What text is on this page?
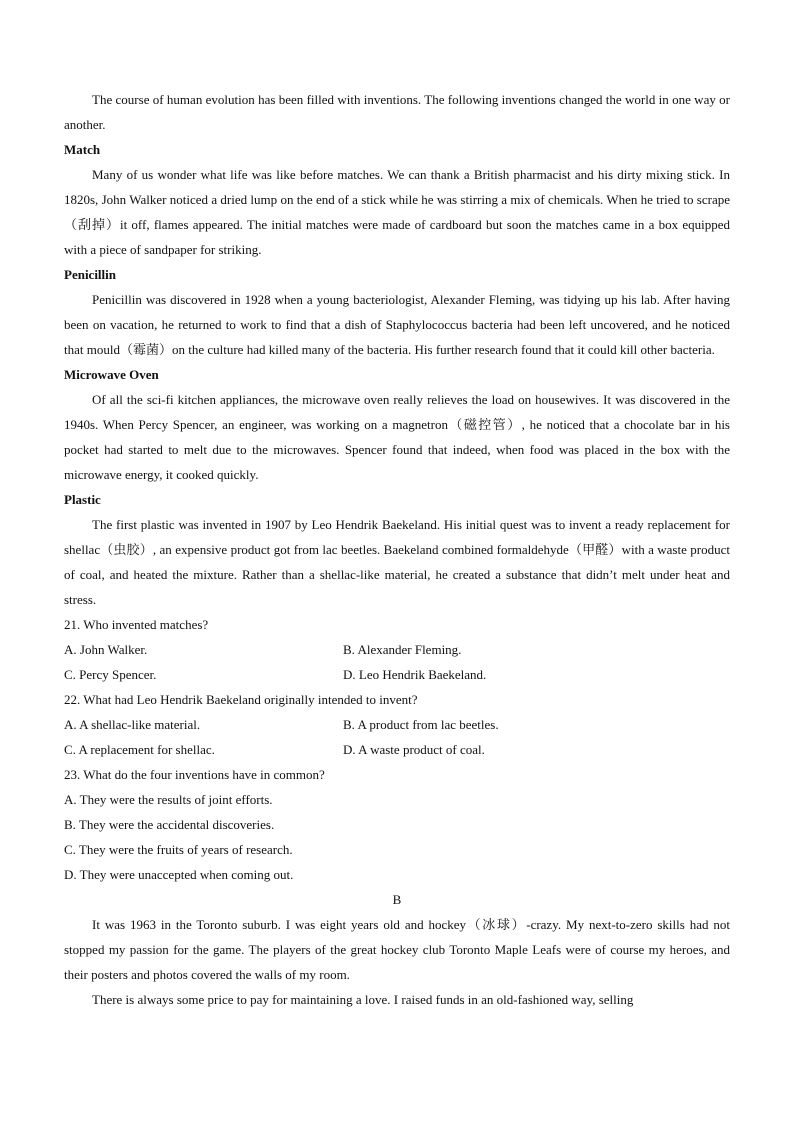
The course of human evolution has been filled with inventions. The following inventions changed the world in one way or another.

Match

Many of us wonder what life was like before matches. We can thank a British pharmacist and his dirty mixing stick. In 1820s, John Walker noticed a dried lump on the end of a stick while he was stirring a mix of chemicals. When he tried to scrape（刮掉）it off, flames appeared. The initial matches were made of cardboard but soon the matches came in a box equipped with a piece of sandpaper for striking.

Penicillin

Penicillin was discovered in 1928 when a young bacteriologist, Alexander Fleming, was tidying up his lab. After having been on vacation, he returned to work to find that a dish of Staphylococcus bacteria had been left uncovered, and he noticed that mould（霉菌）on the culture had killed many of the bacteria. His further research found that it could kill other bacteria.

Microwave Oven

Of all the sci-fi kitchen appliances, the microwave oven really relieves the load on housewives. It was discovered in the 1940s. When Percy Spencer, an engineer, was working on a magnetron（磁控管）, he noticed that a chocolate bar in his pocket had started to melt due to the microwaves. Spencer found that indeed, when food was placed in the box with the microwave energy, it cooked quickly.

Plastic

The first plastic was invented in 1907 by Leo Hendrik Baekeland. His initial quest was to invent a ready replacement for shellac（虫胶）, an expensive product got from lac beetles. Baekeland combined formaldehyde（甲醛）with a waste product of coal, and heated the mixture. Rather than a shellac-like material, he created a substance that didn’t melt under heat and stress.

21. Who invented matches?

A. John Walker.	B. Alexander Fleming.

C. Percy Spencer.	D. Leo Hendrik Baekeland.

22. What had Leo Hendrik Baekeland originally intended to invent?

A. A shellac-like material.	B. A product from lac beetles.

C. A replacement for shellac.	D. A waste product of coal.

23. What do the four inventions have in common?

A. They were the results of joint efforts.

B. They were the accidental discoveries.

C. They were the fruits of years of research.

D. They were unaccepted when coming out.

B

It was 1963 in the Toronto suburb. I was eight years old and hockey（冰球）-crazy. My next-to-zero skills had not stopped my passion for the game. The players of the great hockey club Toronto Maple Leafs were of course my heroes, and their posters and photos covered the walls of my room.

There is always some price to pay for maintaining a love. I raised funds in an old-fashioned way, selling
